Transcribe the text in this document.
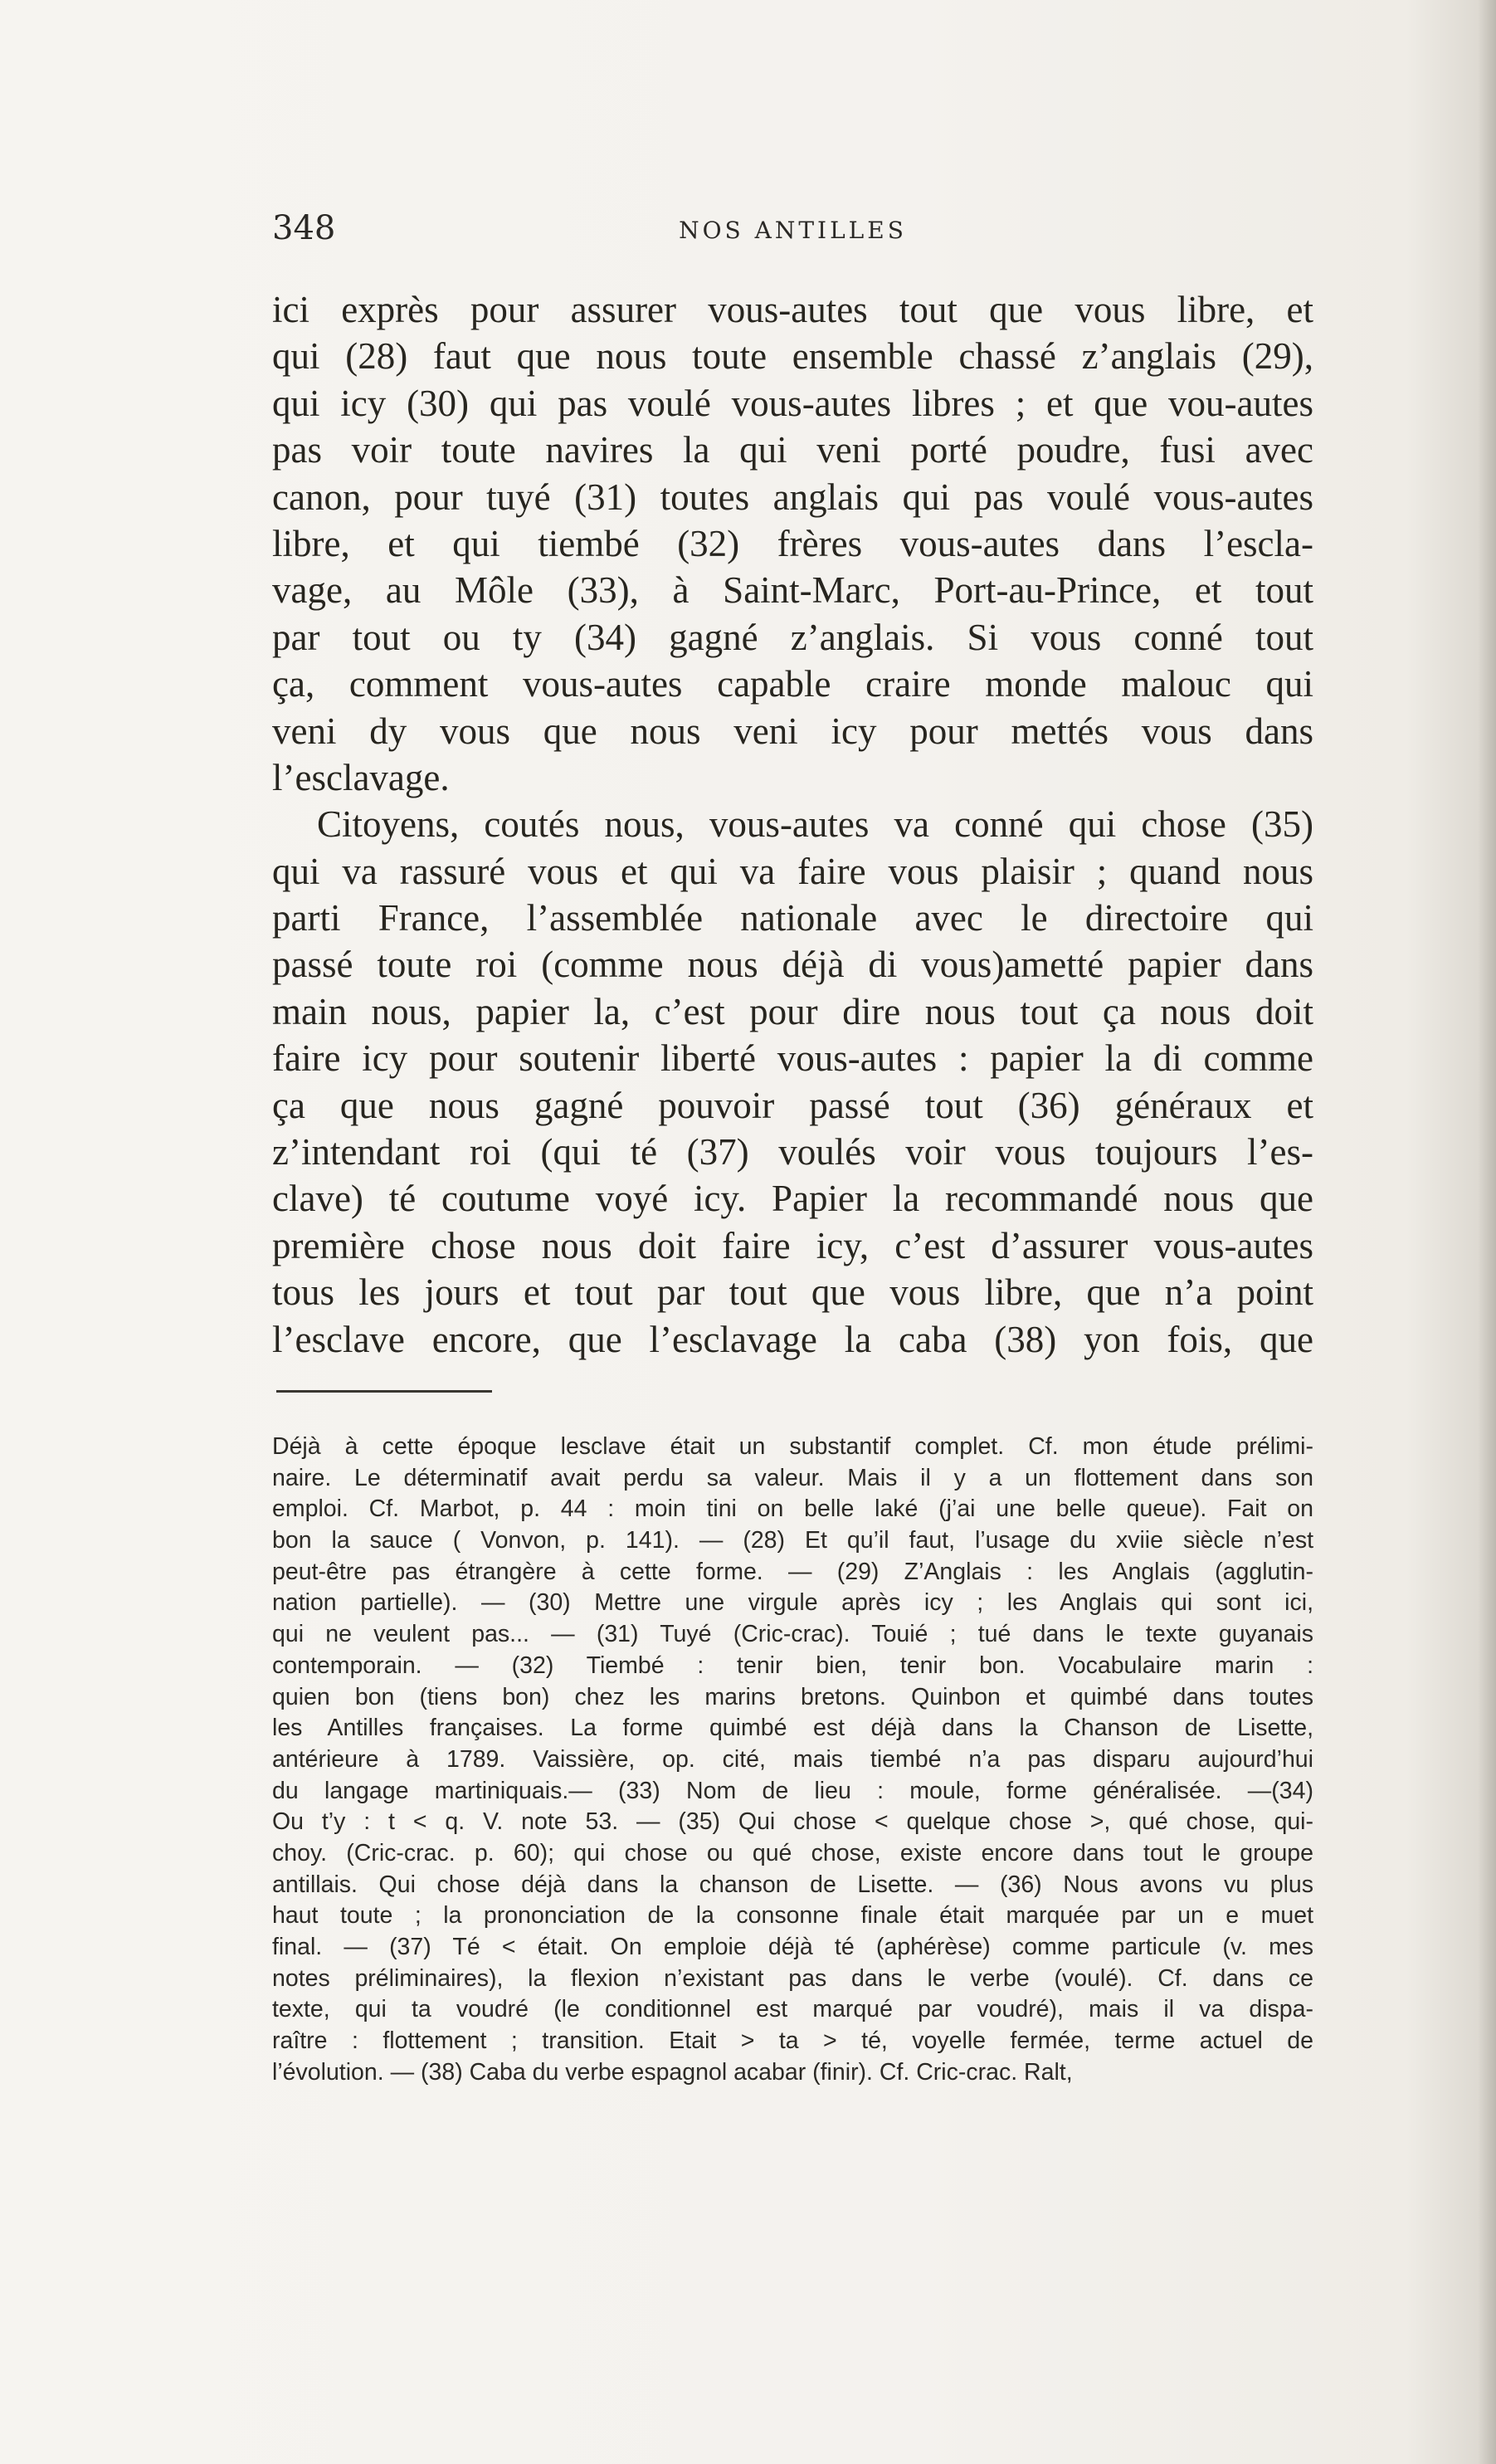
348	NOS ANTILLES
ici exprès pour assurer vous-autes tout que vous libre, et
qui (28) faut que nous toute ensemble chassé z’anglais (29),
qui icy (30) qui pas voulé vous-autes libres ; et que vou-autes
pas voir toute navires la qui veni porté poudre, fusi avec
canon, pour tuyé (31) toutes anglais qui pas voulé vous-autes
libre, et qui tiembé (32) frères vous-autes dans l’escla-
vage, au Môle (33), à Saint-Marc, Port-au-Prince, et tout
par tout ou ty (34) gagné z’anglais. Si vous conné tout
ça, comment vous-autes capable craire monde malouc qui
veni dy vous que nous veni icy pour mettés vous dans
l’esclavage.
Citoyens, coutés nous, vous-autes va conné qui chose (35)
qui va rassuré vous et qui va faire vous plaisir ; quand nous
parti France, l’assemblée nationale avec le directoire qui
passé toute roi (comme nous déjà di vous)ametté papier dans
main nous, papier la, c’est pour dire nous tout ça nous doit
faire icy pour soutenir liberté vous-autes : papier la di comme
ça que nous gagné pouvoir passé tout (36) généraux et
z’intendant roi (qui té (37) voulés voir vous toujours l’es-
clave) té coutume voyé icy. Papier la recommandé nous que
première chose nous doit faire icy, c’est d’assurer vous-autes
tous les jours et tout par tout que vous libre, que n’a point
l’esclave encore, que l’esclavage la caba (38) yon fois, que
Déjà à cette époque lesclave était un substantif complet. Cf. mon étude prélimi-
naire. Le déterminatif avait perdu sa valeur. Mais il y a un flottement dans son
emploi. Cf. Marbot, p. 44 : moin tini on belle laké (j’ai une belle queue). Fait on
bon la sauce ( Vonvon, p. 141). — (28) Et qu’il faut, l’usage du xviie siècle n’est
peut-être pas étrangère à cette forme. — (29) Z’Anglais : les Anglais (agglutin-
nation partielle). — (30) Mettre une virgule après icy ; les Anglais qui sont ici,
qui ne veulent pas... — (31) Tuyé (Cric-crac). Touié ; tué dans le texte guyanais
contemporain. — (32) Tiembé : tenir bien, tenir bon. Vocabulaire marin :
quien bon (tiens bon) chez les marins bretons. Quinbon et quimbé dans toutes
les Antilles françaises. La forme quimbé est déjà dans la Chanson de Lisette,
antérieure à 1789. Vaissière, op. cité, mais tiembé n’a pas disparu aujourd’hui
du langage martiniquais.— (33) Nom de lieu : moule, forme généralisée. —(34)
Ou t’y : t < q. V. note 53. — (35) Qui chose < quelque chose >, qué chose, qui-
choy. (Cric-crac. p. 60); qui chose ou qué chose, existe encore dans tout le groupe
antillais. Qui chose déjà dans la chanson de Lisette. — (36) Nous avons vu plus
haut toute ; la prononciation de la consonne finale était marquée par un e muet
final. — (37) Té < était. On emploie déjà té (aphérèse) comme particule (v. mes
notes préliminaires), la flexion n’existant pas dans le verbe (voulé). Cf. dans ce
texte, qui ta voudré (le conditionnel est marqué par voudré), mais il va dispa-
raître : flottement ; transition. Etait > ta > té, voyelle fermée, terme actuel de
l’évolution. — (38) Caba du verbe espagnol acabar (finir). Cf. Cric-crac. Ralt,
